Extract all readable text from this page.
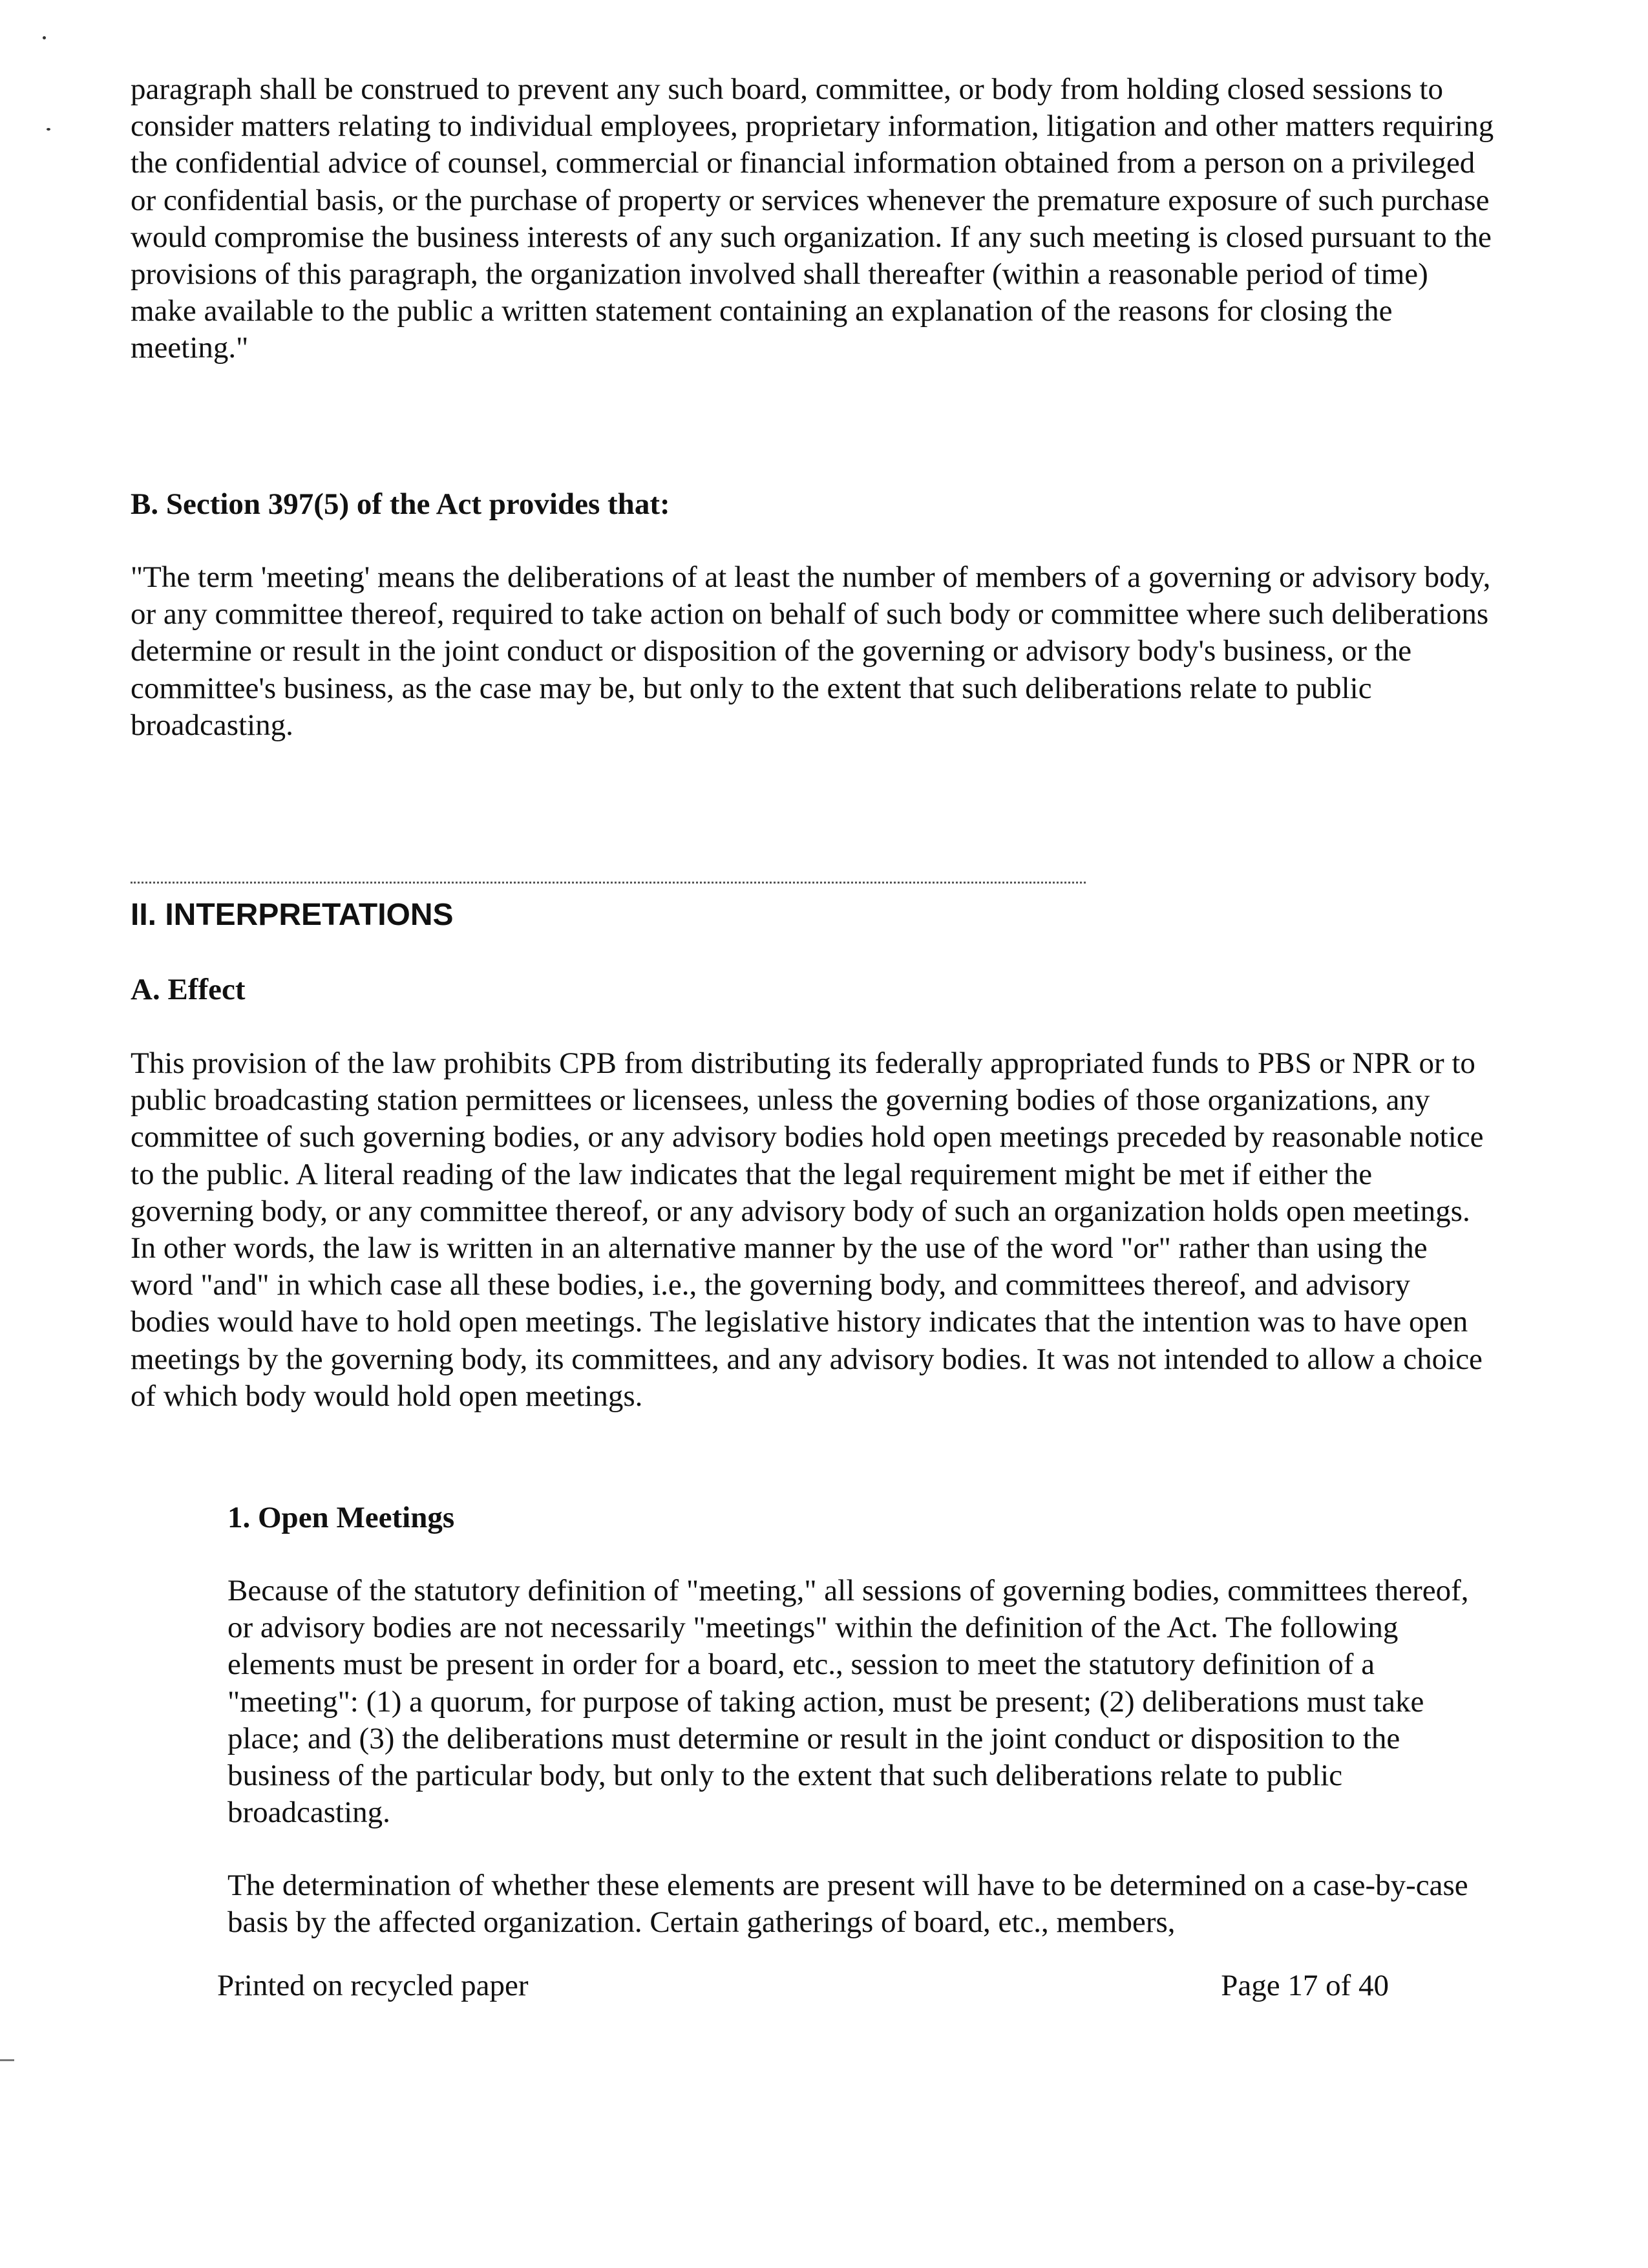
paragraph shall be construed to prevent any such board, committee, or body from holding closed sessions to consider matters relating to individual employees, proprietary information, litigation and other matters requiring the confidential advice of counsel, commercial or financial information obtained from a person on a privileged or confidential basis, or the purchase of property or services whenever the premature exposure of such purchase would compromise the business interests of any such organization. If any such meeting is closed pursuant to the provisions of this paragraph, the organization involved shall thereafter (within a reasonable period of time) make available to the public a written statement containing an explanation of the reasons for closing the meeting."

B. Section 397(5) of the Act provides that:

"The term 'meeting' means the deliberations of at least the number of members of a governing or advisory body, or any committee thereof, required to take action on behalf of such body or committee where such deliberations determine or result in the joint conduct or disposition of the governing or advisory body's business, or the committee's business, as the case may be, but only to the extent that such deliberations relate to public broadcasting.

II. INTERPRETATIONS
A. Effect

This provision of the law prohibits CPB from distributing its federally appropriated funds to PBS or NPR or to public broadcasting station permittees or licensees, unless the governing bodies of those organizations, any committee of such governing bodies, or any advisory bodies hold open meetings preceded by reasonable notice to the public. A literal reading of the law indicates that the legal requirement might be met if either the governing body, or any committee thereof, or any advisory body of such an organization holds open meetings. In other words, the law is written in an alternative manner by the use of the word "or" rather than using the word "and" in which case all these bodies, i.e., the governing body, and committees thereof, and advisory bodies would have to hold open meetings. The legislative history indicates that the intention was to have open meetings by the governing body, its committees, and any advisory bodies. It was not intended to allow a choice of which body would hold open meetings.

1. Open Meetings

Because of the statutory definition of "meeting," all sessions of governing bodies, committees thereof, or advisory bodies are not necessarily "meetings" within the definition of the Act. The following elements must be present in order for a board, etc., session to meet the statutory definition of a "meeting": (1) a quorum, for purpose of taking action, must be present; (2) deliberations must take place; and (3) the deliberations must determine or result in the joint conduct or disposition to the business of the particular body, but only to the extent that such deliberations relate to public broadcasting.

The determination of whether these elements are present will have to be determined on a case-by-case basis by the affected organization. Certain gatherings of board, etc., members,

Printed on recycled paper	Page 17 of 40
